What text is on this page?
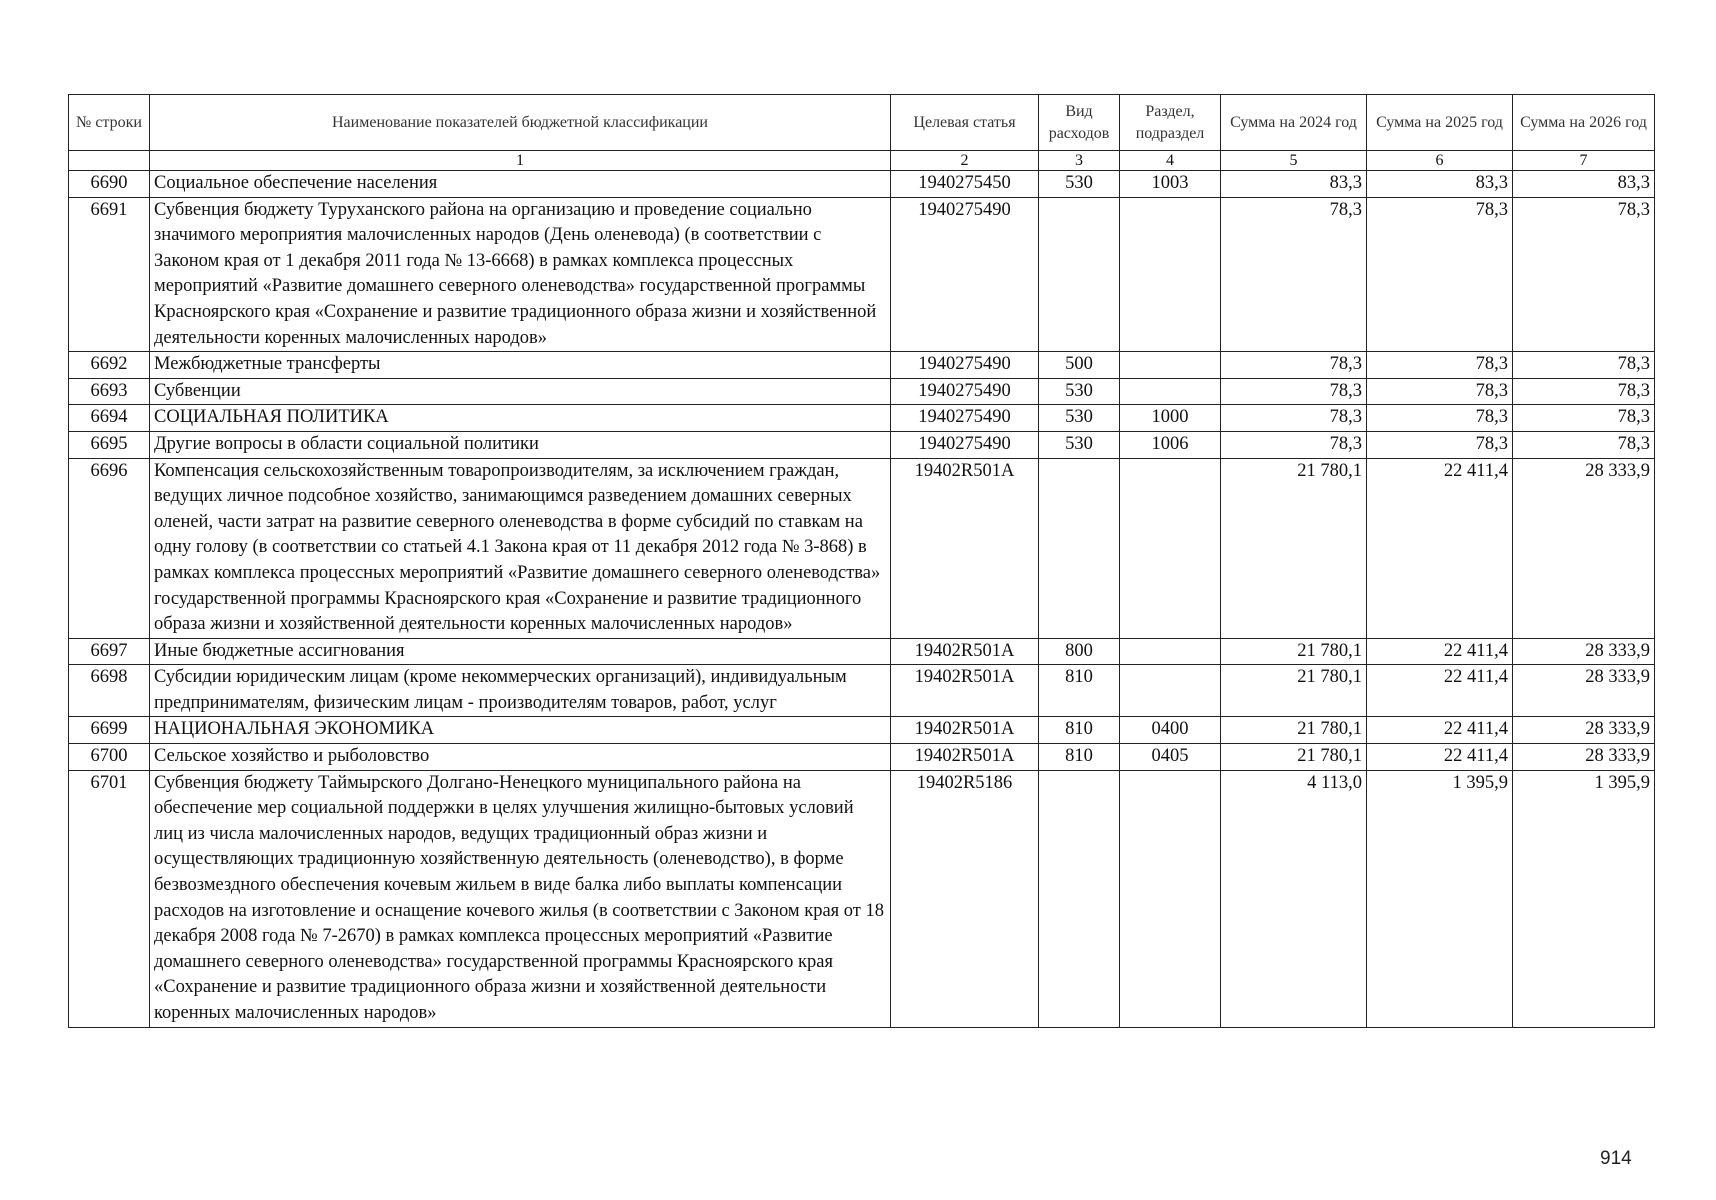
№ строки	Наименование показателей бюджетной классификации	Целевая статья	Вид расходов	Раздел, подраздел	Сумма на 2024 год	Сумма на 2025 год	Сумма на 2026 год
	1	2	3	4	5	6	7
6690	Социальное обеспечение населения	1940275450	530	1003	83,3	83,3	83,3
6691	Субвенция бюджету Туруханского района на организацию и проведение социально значимого мероприятия малочисленных народов (День оленевода) (в соответствии с Законом края от 1 декабря 2011 года № 13-6668) в рамках комплекса процессных мероприятий «Развитие домашнего северного оленеводства» государственной программы Красноярского края «Сохранение и развитие традиционного образа жизни и хозяйственной деятельности коренных малочисленных народов»	1940275490			78,3	78,3	78,3
6692	Межбюджетные трансферты	1940275490	500		78,3	78,3	78,3
6693	Субвенции	1940275490	530		78,3	78,3	78,3
6694	СОЦИАЛЬНАЯ ПОЛИТИКА	1940275490	530	1000	78,3	78,3	78,3
6695	Другие вопросы в области социальной политики	1940275490	530	1006	78,3	78,3	78,3
6696	Компенсация сельскохозяйственным товаропроизводителям, за исключением граждан, ведущих личное подсобное хозяйство, занимающимся разведением домашних северных оленей, части затрат на развитие северного оленеводства в форме субсидий по ставкам на одну голову (в соответствии со статьей 4.1 Закона края от 11 декабря 2012 года № 3-868) в рамках комплекса процессных мероприятий «Развитие домашнего северного оленеводства» государственной программы Красноярского края «Сохранение и развитие традиционного образа жизни и хозяйственной деятельности коренных малочисленных народов»	19402R501A			21 780,1	22 411,4	28 333,9
6697	Иные бюджетные ассигнования	19402R501A	800		21 780,1	22 411,4	28 333,9
6698	Субсидии юридическим лицам (кроме некоммерческих организаций), индивидуальным предпринимателям, физическим лицам - производителям товаров, работ, услуг	19402R501A	810		21 780,1	22 411,4	28 333,9
6699	НАЦИОНАЛЬНАЯ ЭКОНОМИКА	19402R501A	810	0400	21 780,1	22 411,4	28 333,9
6700	Сельское хозяйство и рыболовство	19402R501A	810	0405	21 780,1	22 411,4	28 333,9
6701	Субвенция бюджету Таймырского Долгано-Ненецкого муниципального района на обеспечение мер социальной поддержки в целях улучшения жилищно-бытовых условий лиц из числа малочисленных народов, ведущих традиционный образ жизни и осуществляющих традиционную хозяйственную деятельность (оленеводство), в форме безвозмездного обеспечения кочевым жильем в виде балка либо выплаты компенсации расходов на изготовление и оснащение кочевого жилья (в соответствии с Законом края от 18 декабря 2008 года № 7-2670) в рамках комплекса процессных мероприятий «Развитие домашнего северного оленеводства» государственной программы Красноярского края «Сохранение и развитие традиционного образа жизни и хозяйственной деятельности коренных малочисленных народов»	19402R5186			4 113,0	1 395,9	1 395,9
914
